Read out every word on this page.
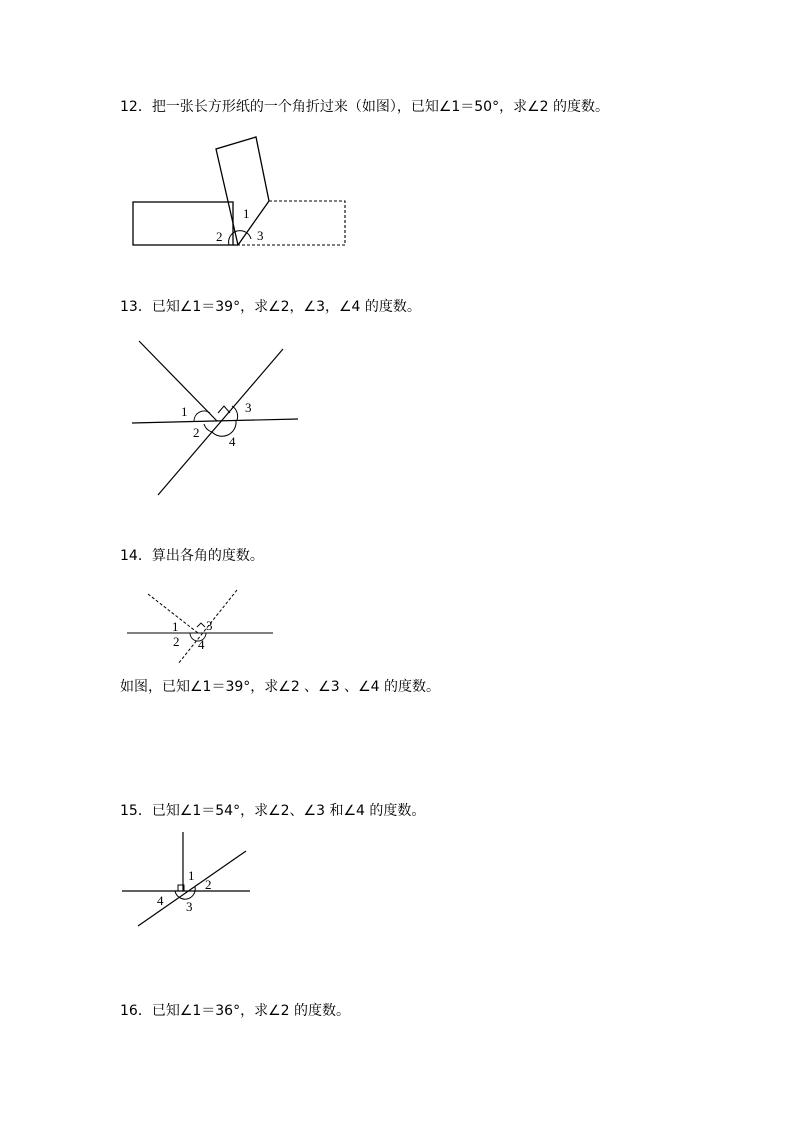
12．把一张长方形纸的一个角折过来（如图），已知∠1＝50°，求∠2 的度数。
1
2	3
13．已知∠1＝39°，求∠2，∠3，∠4 的度数。
1
2
3
4
14．算出各角的度数。
1
2
3
4
如图，已知∠1＝39°，求∠2 、∠3 、∠4 的度数。
15．已知∠1＝54°，求∠2、∠3 和∠4 的度数。
1
2
3
4
16．已知∠1＝36°，求∠2 的度数。
